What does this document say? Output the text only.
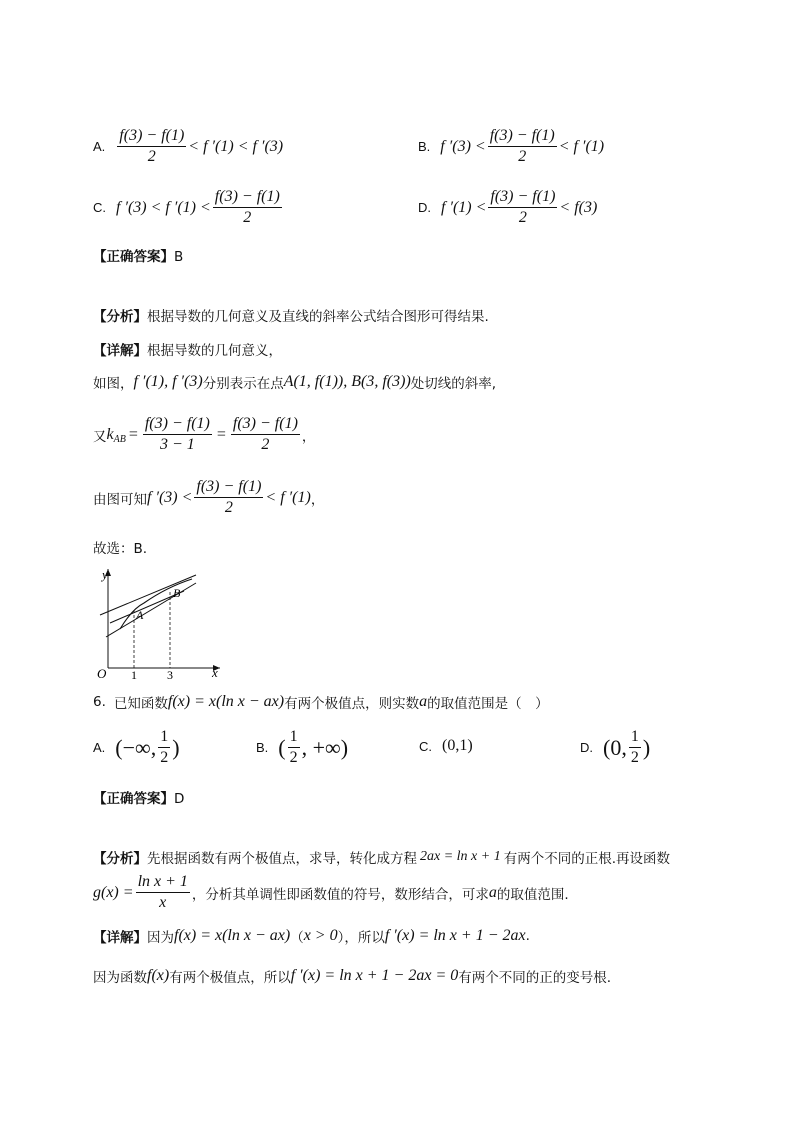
A. $\frac{f(3) - f(1)}{2} < f$ ′(1) < f ′(3)	B. f $'(3) < \frac{f(3) - f(1)}{2} < f$ ′(1)
C. f ′(3) < f $'(1) < \frac{f(3) - f(1)}{2}$	D. f $'(1) < \frac{f(3) - f(1)}{2} < f(3)$
【正确答案】B
【分析】根据导数的几何意义及直线的斜率公式结合图形可得结果.
【详解】根据导数的几何意义，
如图， f ′(1), f ′(3) 分别表示在点 A(1, f(1)), B(3, f(3)) 处切线的斜率,
又 $k_{AB} = \frac{f(3) - f(1)}{3 - 1} = \frac{f(3) - f(1)}{2}$ ，
由图可知 f $'(3) < \frac{f(3) - f(1)}{2} < f$ ′(1) ，
故选：B.
y
x
O 1	3
A
B
6. 已知函数 f(x) = x(ln x − ax) 有两个极值点，则实数 a 的取值范围是（　）
A. (−∞, $\frac{1}{2}$ )	B. ( $\frac{1}{2}$ , +∞)	C. (0,1)	D. (0, $\frac{1}{2}$ )
【正确答案】D
【分析】 先根据函数有两个极值点，求导，转化成方程 2ax = ln x + 1 有两个不同的正根.再设函数
$g(x) = \frac{\text{ln x + 1}}{x}$ ，分析其单调性即函数值的符号，数形结合，可求 a 的取值范围.
【详解】 因为 f(x) = x(ln x − ax) （ x > 0 ），所以 f ′(x) = ln x + 1 − 2ax .
因为函数 f(x) 有两个极值点，所以 f ′(x) = ln x + 1 − 2ax = 0 有两个不同的正的变号根.
